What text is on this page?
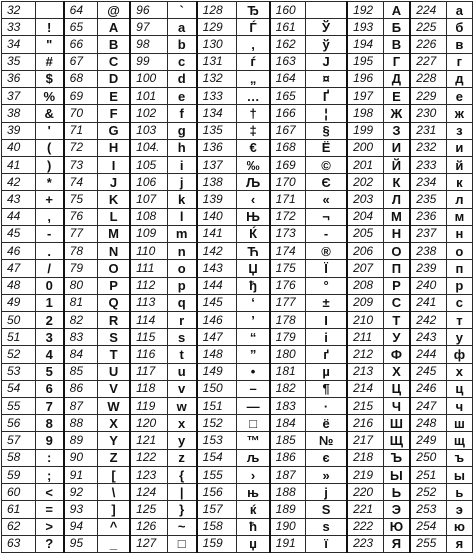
32		64	@	96	`	128	Ђ	160		192	А	224	а
33	!	65	A	97	a	129	Ѓ	161	Ў	193	Б	225	б
34	"	66	B	98	b	130	,	162	ў	194	В	226	в
35	#	67	C	99	c	131	ѓ	163	Ј	195	Г	227	г
36	$	68	D	100	d	132	„	164	¤	196	Д	228	д
37	%	69	E	101	e	133	…	165	Ґ	197	Е	229	е
38	&	70	F	102	f	134	†	166	¦	198	Ж	230	ж
39	'	71	G	103	g	135	‡	167	§	199	З	231	з
40	(	72	H	104.	h	136	€	168	Ё	200	И	232	и
41	)	73	I	105	i	137	‰	169	©	201	Й	233	й
42	*	74	J	106	j	138	Љ	170	Є	202	К	234	к
43	+	75	K	107	k	139	‹	171	«	203	Л	235	л
44	,	76	L	108	l	140	Њ	172	¬	204	М	236	м
45	-	77	M	109	m	141	Ќ	173	-	205	Н	237	н
46	.	78	N	110	n	142	Ћ	174	®	206	О	238	о
47	/	79	O	111	o	143	Џ	175	Ї	207	П	239	п
48	0	80	P	112	p	144	ђ	176	°	208	Р	240	р
49	1	81	Q	113	q	145	‘	177	±	209	С	241	с
50	2	82	R	114	r	146	’	178	І	210	Т	242	т
51	3	83	S	115	s	147	“	179	і	211	У	243	у
52	4	84	T	116	t	148	”	180	ґ	212	Ф	244	ф
53	5	85	U	117	u	149	•	181	µ	213	Х	245	х
54	6	86	V	118	v	150	–	182	¶	214	Ц	246	ц
55	7	87	W	119	w	151	—	183	·	215	Ч	247	ч
56	8	88	X	120	x	152	□	184	ё	216	Ш	248	ш
57	9	89	Y	121	y	153	™	185	№	217	Щ	249	щ
58	:	90	Z	122	z	154	љ	186	є	218	Ъ	250	ъ
59	;	91	[	123	{	155	›	187	»	219	Ы	251	ы
60	<	92	\	124	|	156	њ	188	ј	220	Ь	252	ь
61	=	93	]	125	}	157	ќ	189	Ѕ	221	Э	253	э
62	>	94	^	126	~	158	ћ	190	s	222	Ю	254	ю
63	?	95	_	127	□	159	џ	191	ї	223	Я	255	я
